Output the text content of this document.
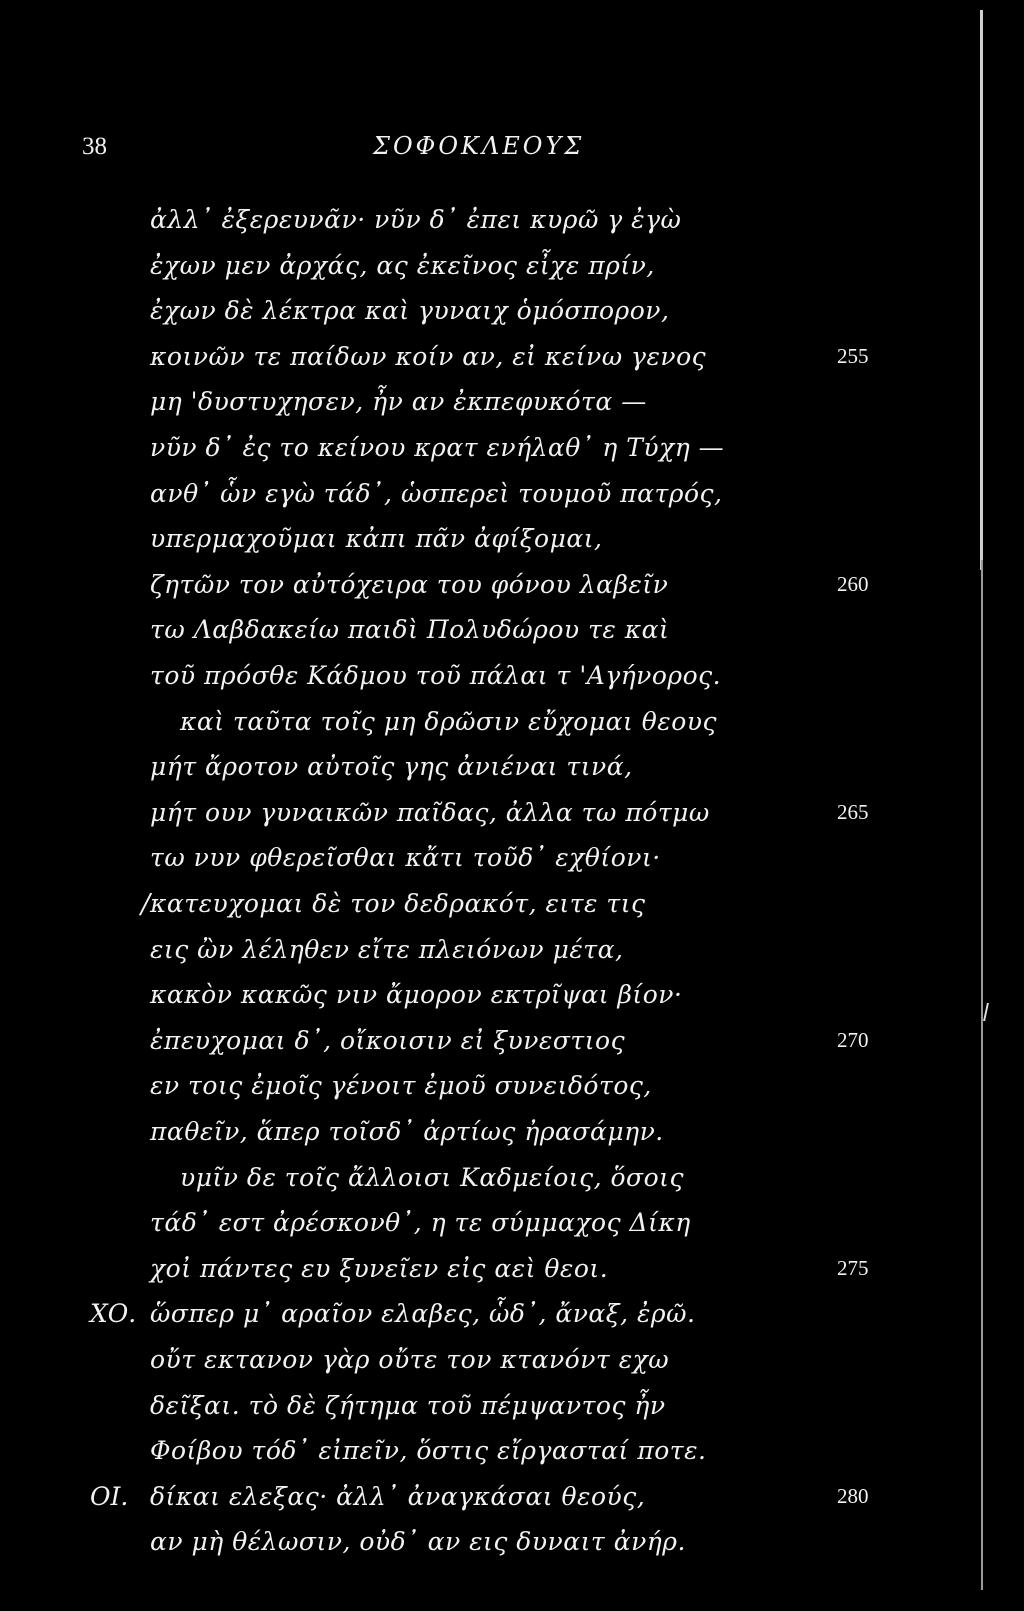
38	ΣΟΦΟΚΛΕΟΥΣ
ἀλλ᾽ ἐξερευνᾶν· νῦν δ᾽ ἐπει κυρῶ γ ἐγὼ
ἐχων μεν ἀρχάς, ας ἐκεῖνος εἶχε πρίν,
ἐχων δὲ λέκτρα καὶ γυναιχ ὁμόσπορον,
κοινῶν τε παίδων κοίν αν, εἰ κείνω γενος	255
μη 'δυστυχησεν, ἦν αν ἐκπεφυκότα —
νῦν δ᾽ ἐς το κείνου κρατ ενήλαθ᾽ η Τύχη —
ανθ᾽ ὧν εγὼ τάδ᾽, ὡσπερεὶ τουμοῦ πατρός,
υπερμαχοῦμαι κἀπι πᾶν ἀφίξομαι,
ζητῶν τον αὐτόχειρα του φόνου λαβεῖν	260
τω Λαβδακείω παιδὶ Πολυδώρου τε καὶ
τοῦ πρόσθε Κάδμου τοῦ πάλαι τ 'Αγήνορος.
καὶ ταῦτα τοῖς μη δρῶσιν εὔχομαι θεους
μήτ ἄροτον αὐτοῖς γης ἀνιέναι τινά,
μήτ ουν γυναικῶν παῖδας, ἀλλα τω πότμω	265
τω νυν φθερεῖσθαι κἄτι τοῦδ᾽ εχθίονι·
/ κατευχομαι δὲ τον δεδρακότ, ειτε τις
εις ὢν λέληθεν εἴτε πλειόνων μέτα,
κακὸν κακῶς νιν ἄμορον εκτρῖψαι βίον·
ἐπευχομαι δ᾽, οἴκοισιν εἰ ξυνεστιος	270
εν τοις ἐμοῖς γένοιτ ἐμοῦ συνειδότος,
παθεῖν, ἅπερ τοῖσδ᾽ ἀρτίως ἠρασάμην.
υμῖν δε τοῖς ἄλλοισι Καδμείοις, ὅσοις
τάδ᾽ εστ ἀρέσκονθ᾽, η τε σύμμαχος Δίκη
χοἰ πάντες ευ ξυνεῖεν εἰς αεὶ θεοι.	275
ΧΟ. ὥσπερ μ᾽ αραῖον ελαβες, ὧδ᾽, ἄναξ, ἐρῶ.
οὔτ εκτανον γὰρ οὔτε τον κτανόντ εχω
δεῖξαι. τὸ δὲ ζήτημα τοῦ πέμψαντος ἦν
Φοίβου τόδ᾽ εἰπεῖν, ὅστις εἴργασταί ποτε.
ΟΙ. δίκαι ελεξας· ἀλλ᾽ ἀναγκάσαι θεούς,	280
αν μὴ θέλωσιν, οὐδ᾽ αν εις δυναιτ ἀνήρ.
